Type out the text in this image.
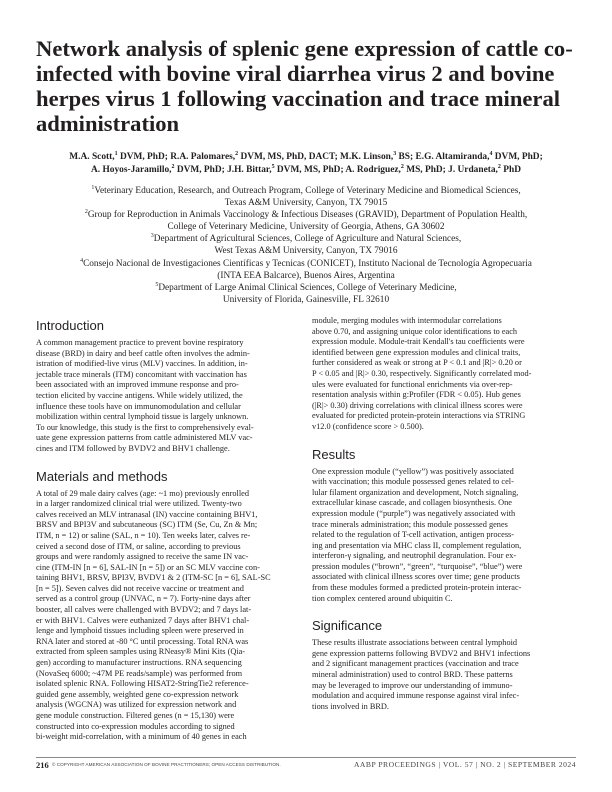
Network analysis of splenic gene expression of cattle co-infected with bovine viral diarrhea virus 2 and bovine herpes virus 1 following vaccination and trace mineral administration
M.A. Scott,$^1$ DVM, PhD; R.A. Palomares,$^2$ DVM, MS, PhD, DACT; M.K. Linson,$^3$ BS; E.G. Altamiranda,$^4$ DVM, PhD;
A. Hoyos-Jaramillo,$^2$ DVM, PhD; J.H. Bittar,$^5$ DVM, MS, PhD; A. Rodriguez,$^2$ MS, PhD; J. Urdaneta,$^2$ PhD
$^1$Veterinary Education, Research, and Outreach Program, College of Veterinary Medicine and Biomedical Sciences,
Texas A&M University, Canyon, TX 79015
$^2$Group for Reproduction in Animals Vaccinology & Infectious Diseases (GRAVID), Department of Population Health,
College of Veterinary Medicine, University of Georgia, Athens, GA 30602
$^3$Department of Agricultural Sciences, College of Agriculture and Natural Sciences,
West Texas A&M University, Canyon, TX 79016
$^4$Consejo Nacional de Investigaciones Científicas y Tecnicas (CONICET), Instituto Nacional de Tecnología Agropecuaria
(INTA EEA Balcarce), Buenos Aires, Argentina
$^5$Department of Large Animal Clinical Sciences, College of Veterinary Medicine,
University of Florida, Gainesville, FL 32610
Introduction

A common management practice to prevent bovine respiratory
disease (BRD) in dairy and beef cattle often involves the admin-
istration of modified-live virus (MLV) vaccines. In addition, in-
jectable trace minerals (ITM) concomitant with vaccination has
been associated with an improved immune response and pro-
tection elicited by vaccine antigens. While widely utilized, the
influence these tools have on immunomodulation and cellular
mobilization within central lymphoid tissue is largely unknown.
To our knowledge, this study is the first to comprehensively eval-
uate gene expression patterns from cattle administered MLV vac-
cines and ITM followed by BVDV2 and BHV1 challenge.

Materials and methods

A total of 29 male dairy calves (age: ~1 mo) previously enrolled
in a larger randomized clinical trial were utilized. Twenty-two
calves received an MLV intranasal (IN) vaccine containing BHV1,
BRSV and BPI3V and subcutaneous (SC) ITM (Se, Cu, Zn & Mn;
ITM, n = 12) or saline (SAL, n = 10). Ten weeks later, calves re-
ceived a second dose of ITM, or saline, according to previous
groups and were randomly assigned to receive the same IN vac-
cine (ITM-IN [n = 6], SAL-IN [n = 5]) or an SC MLV vaccine con-
taining BHV1, BRSV, BPI3V, BVDV1 & 2 (ITM-SC [n = 6], SAL-SC
[n = 5]). Seven calves did not receive vaccine or treatment and
served as a control group (UNVAC, n = 7). Forty-nine days after
booster, all calves were challenged with BVDV2; and 7 days lat-
er with BHV1. Calves were euthanized 7 days after BHV1 chal-
lenge and lymphoid tissues including spleen were preserved in
RNA later and stored at -80 °C until processing. Total RNA was
extracted from spleen samples using RNeasy® Mini Kits (Qia-
gen) according to manufacturer instructions. RNA sequencing
(NovaSeq 6000; ~47M PE reads/sample) was performed from
isolated splenic RNA. Following HISAT2-StringTie2 reference-
guided gene assembly, weighted gene co-expression network
analysis (WGCNA) was utilized for expression network and
gene module construction. Filtered genes (n = 15,130) were
constructed into co-expression modules according to signed
bi-weight mid-correlation, with a minimum of 40 genes in each

module, merging modules with intermodular correlations
above 0.70, and assigning unique color identifications to each
expression module. Module-trait Kendall's tau coefficients were
identified between gene expression modules and clinical traits,
further considered as weak or strong at P < 0.1 and |R|> 0.20 or
P < 0.05 and |R|> 0.30, respectively. Significantly correlated mod-
ules were evaluated for functional enrichments via over-rep-
resentation analysis within g:Profiler (FDR < 0.05). Hub genes
(|R|> 0.30) driving correlations with clinical illness scores were
evaluated for predicted protein-protein interactions via STRING
v12.0 (confidence score > 0.500).

Results

One expression module (“yellow”) was positively associated
with vaccination; this module possessed genes related to cel-
lular filament organization and development, Notch signaling,
extracellular kinase cascade, and collagen biosynthesis. One
expression module (“purple”) was negatively associated with
trace minerals administration; this module possessed genes
related to the regulation of T-cell activation, antigen process-
ing and presentation via MHC class II, complement regulation,
interferon-γ signaling, and neutrophil degranulation. Four ex-
pression modules (“brown”, “green”, “turquoise”, “blue”) were
associated with clinical illness scores over time; gene products
from these modules formed a predicted protein-protein interac-
tion complex centered around ubiquitin C.

Significance

These results illustrate associations between central lymphoid
gene expression patterns following BVDV2 and BHV1 infections
and 2 significant management practices (vaccination and trace
mineral administration) used to control BRD. These patterns
may be leveraged to improve our understanding of immuno-
modulation and acquired immune response against viral infec-
tions involved in BRD.

216 © COPYRIGHT AMERICAN ASSOCIATION OF BOVINE PRACTITIONERS; OPEN ACCESS DISTRIBUTION.	AABP PROCEEDINGS | VOL. 57 | NO. 2 | SEPTEMBER 2024
